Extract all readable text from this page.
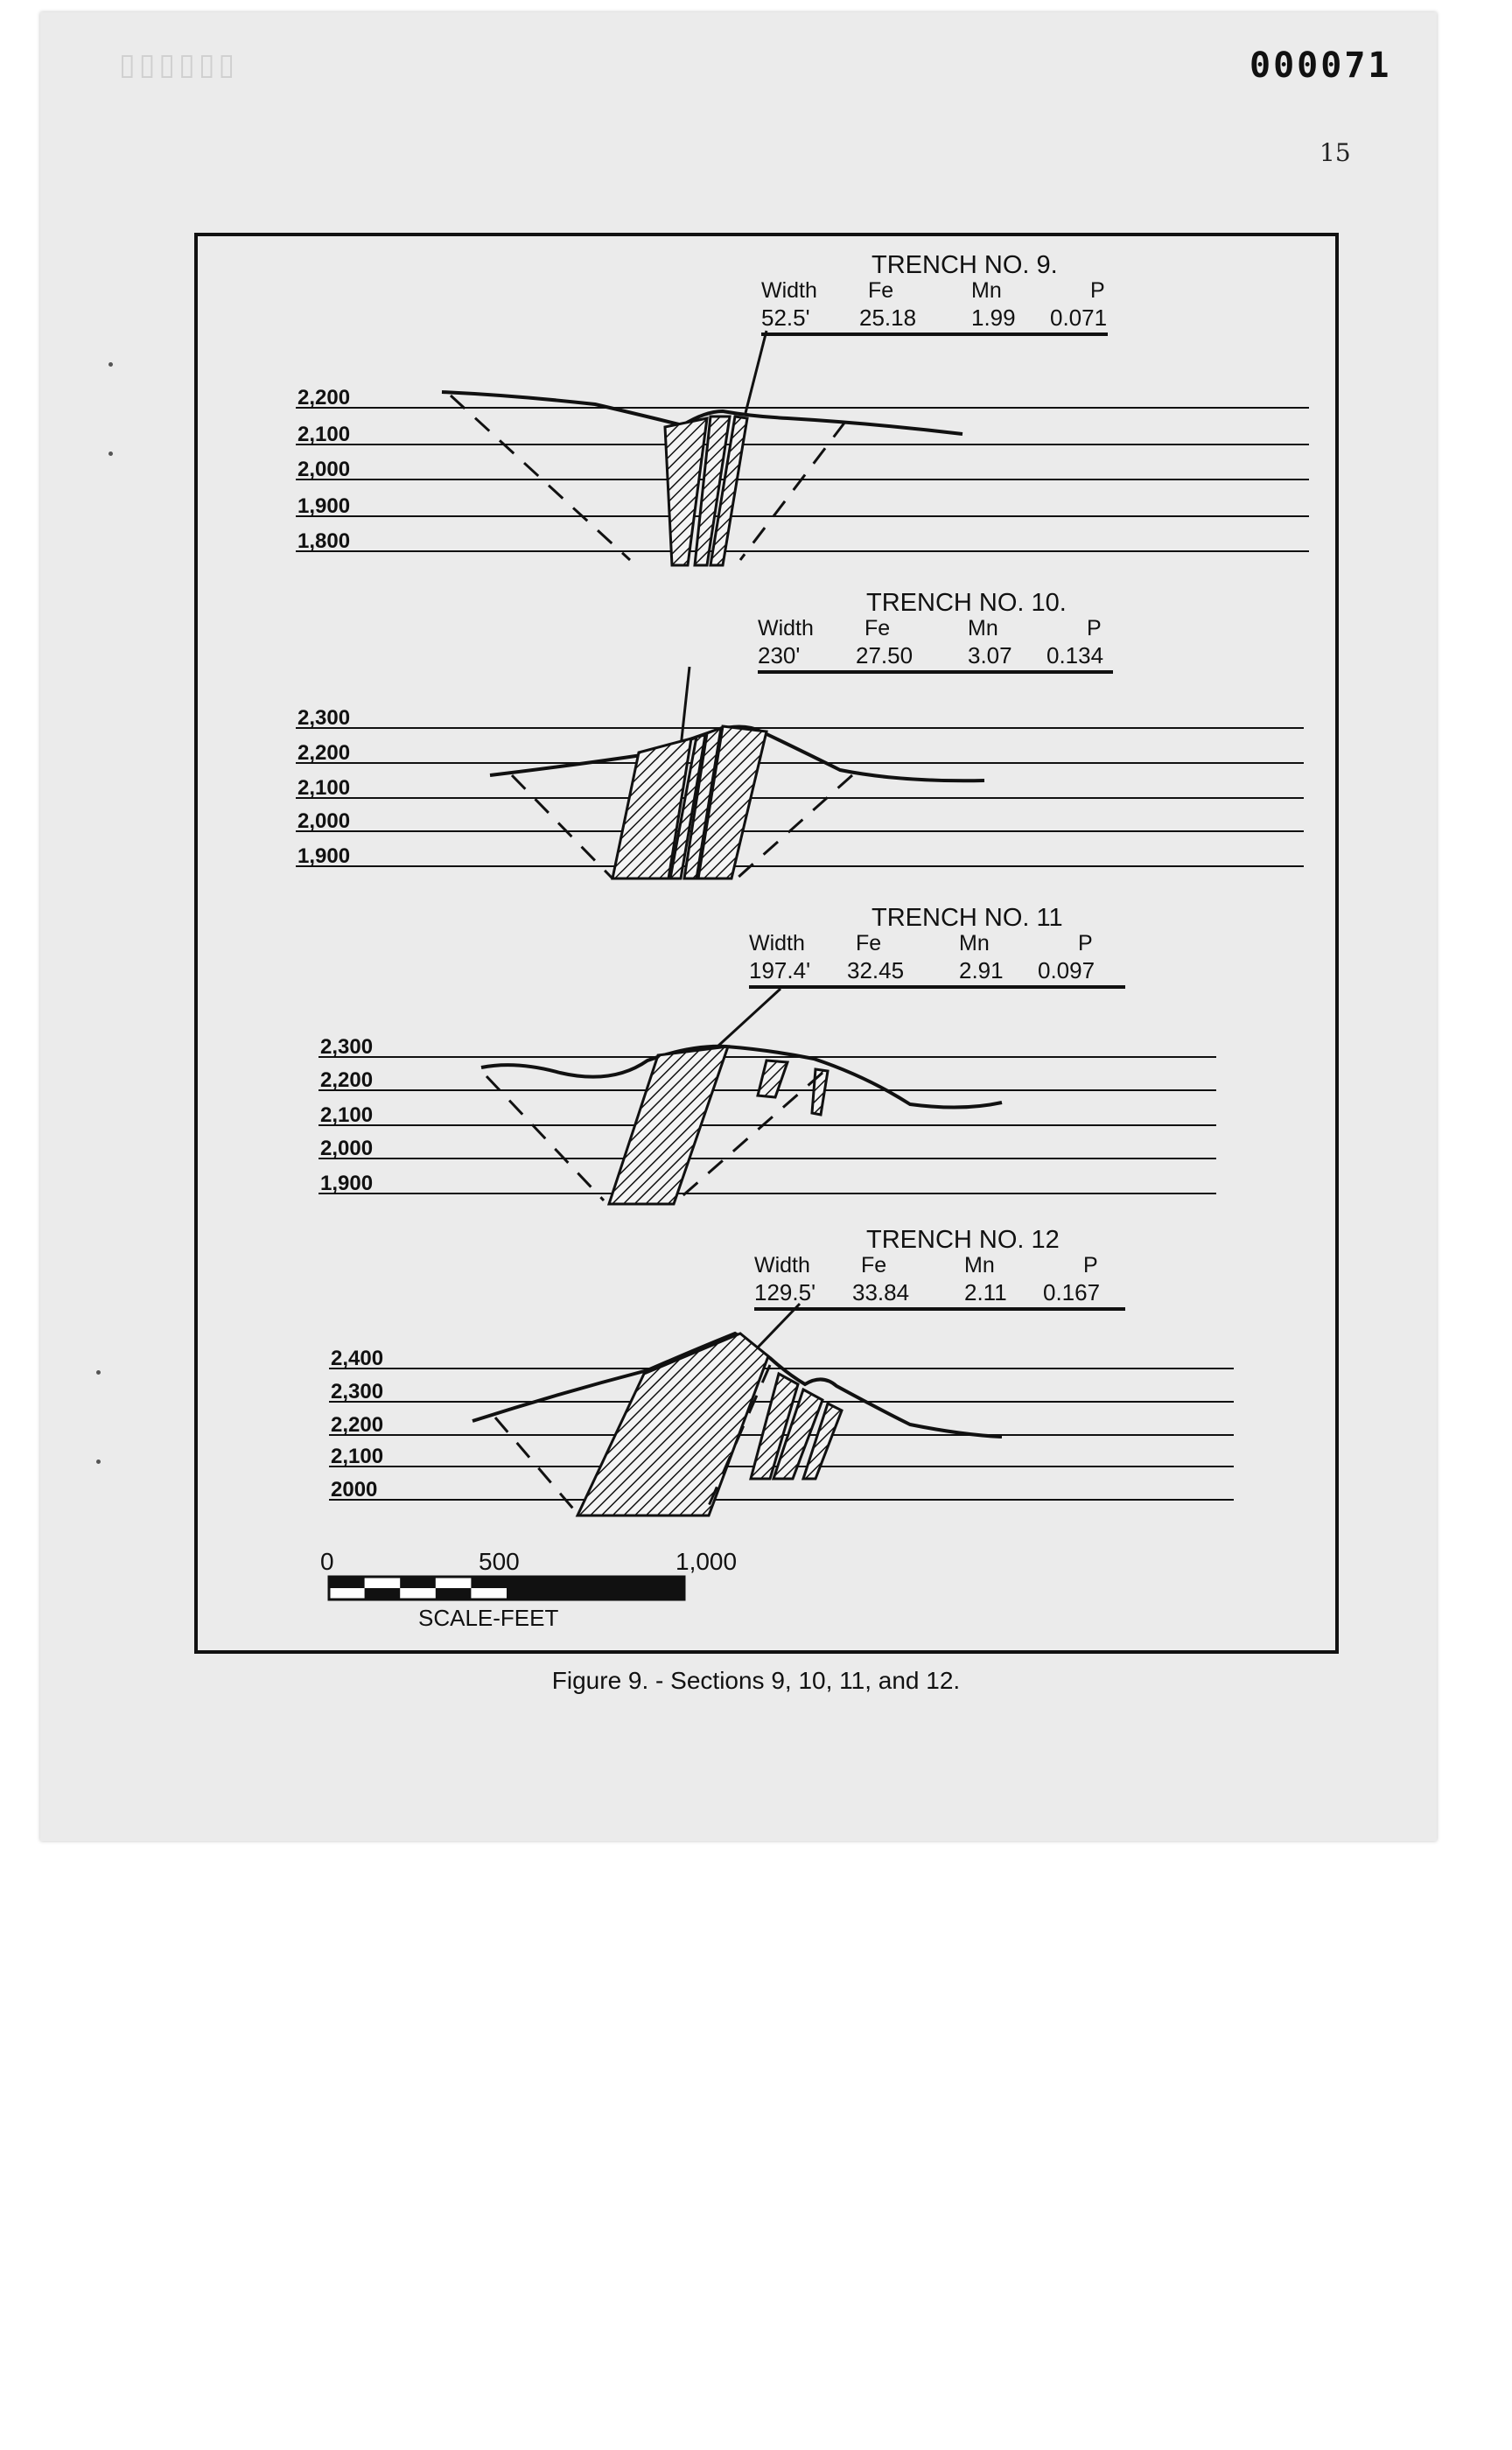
▯▯▯▯▯▯	000071
15
TRENCH NO. 9.
Width Fe	Mn	P
52.5' 25.18 1.99 0.071
2,200
2,100
2,000
1,900
1,800
TRENCH NO. 10.
Width Fe	Mn	P
230' 27.50 3.07 0.134
2,300
2,200
2,100
2,000
1,900
TRENCH NO. 11
Width Fe	Mn	P
197.4' 32.45 2.91 0.097
2,300
2,200
2,100
2,000
1,900
TRENCH NO. 12
Width Fe	Mn	P
129.5' 33.84 2.11 0.167
2,400
2,300
2,200
2,100
2000
0	500	1,000
SCALE-FEET
Figure 9. - Sections 9, 10, 11, and 12.
